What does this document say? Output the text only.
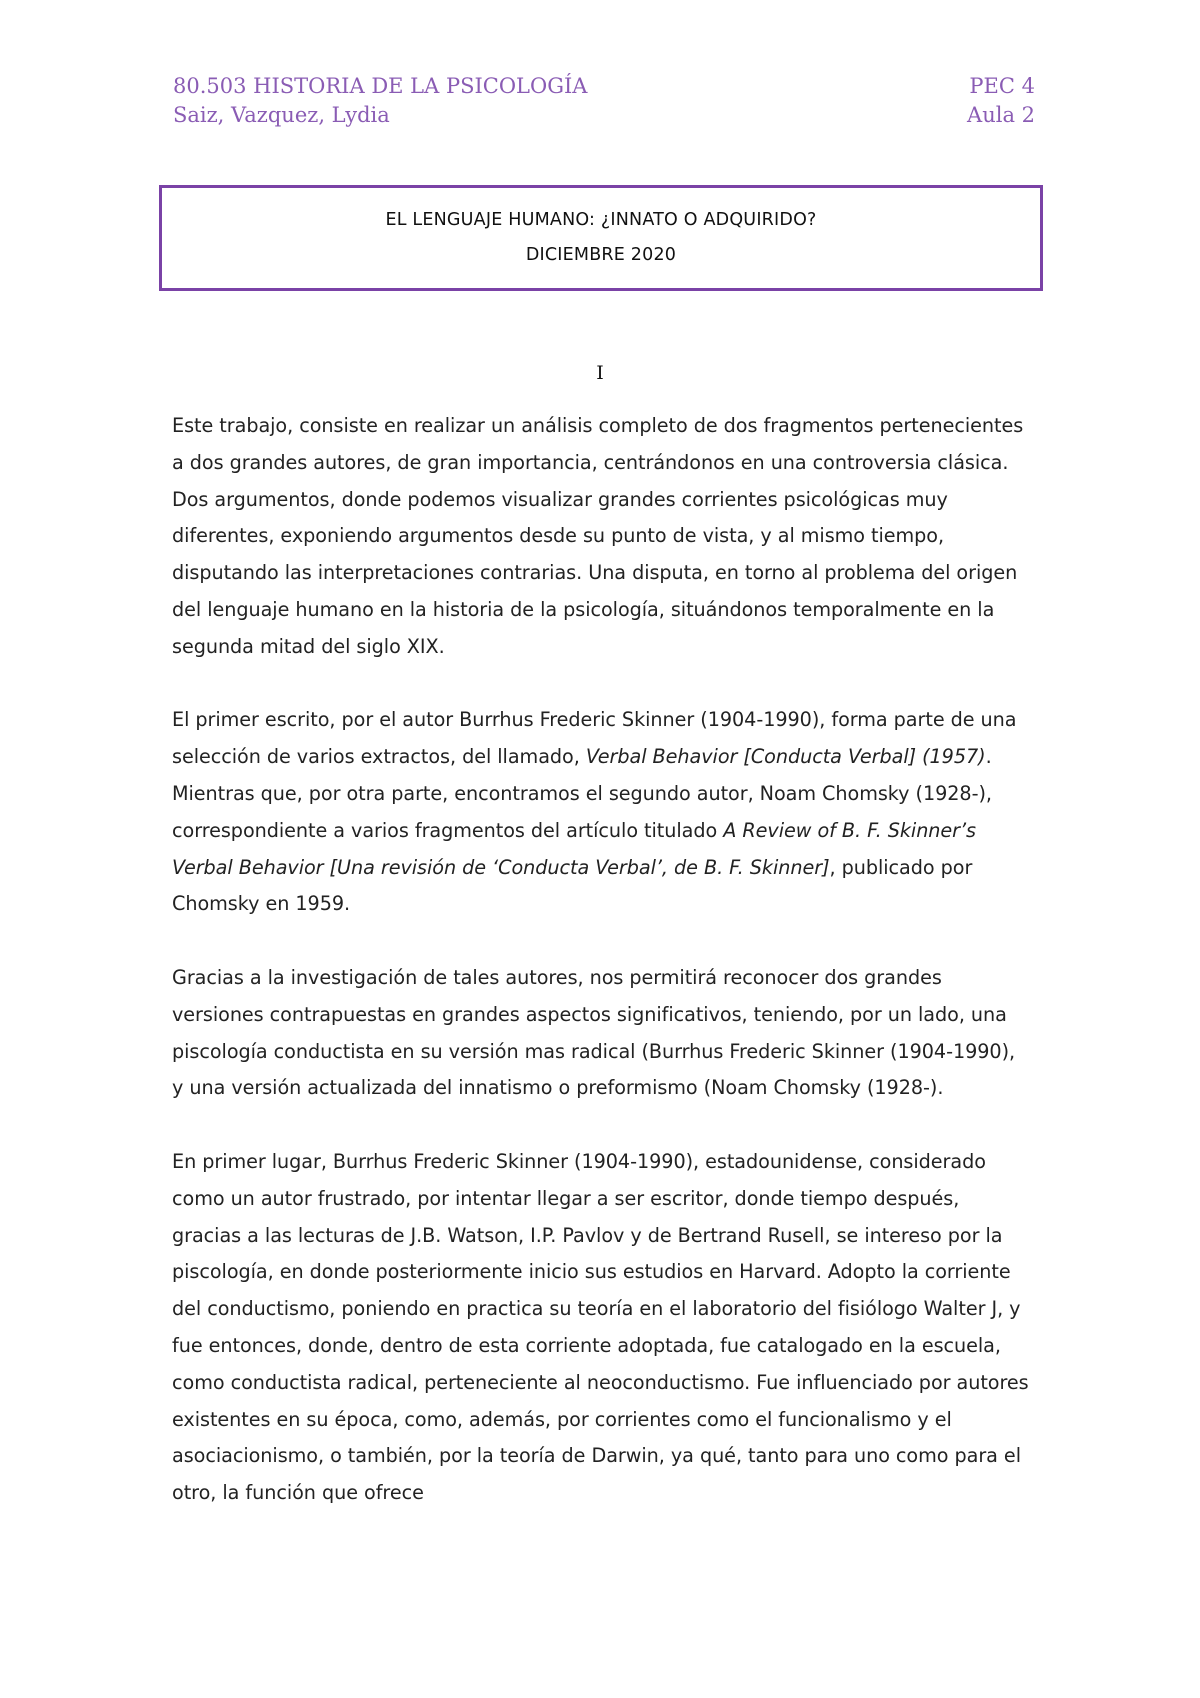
80.503 HISTORIA DE LA PSICOLOGÍA	PEC 4
Saiz, Vazquez, Lydia	Aula 2
EL LENGUAJE HUMANO: ¿INNATO O ADQUIRIDO?
DICIEMBRE 2020
I

Este trabajo, consiste en realizar un análisis completo de dos fragmentos pertenecientes a dos grandes autores, de gran importancia, centrándonos en una controversia clásica. Dos argumentos, donde podemos visualizar grandes corrientes psicológicas muy diferentes, exponiendo argumentos desde su punto de vista, y al mismo tiempo, disputando las interpretaciones contrarias. Una disputa, en torno al problema del origen del lenguaje humano en la historia de la psicología, situándonos temporalmente en la segunda mitad del siglo XIX.

El primer escrito, por el autor Burrhus Frederic Skinner (1904-1990), forma parte de una selección de varios extractos, del llamado, Verbal Behavior [Conducta Verbal] (1957). Mientras que, por otra parte, encontramos el segundo autor, Noam Chomsky (1928-), correspondiente a varios fragmentos del artículo titulado A Review of B. F. Skinner’s Verbal Behavior [Una revisión de ‘Conducta Verbal’, de B. F. Skinner], publicado por Chomsky en 1959.

Gracias a la investigación de tales autores, nos permitirá reconocer dos grandes versiones contrapuestas en grandes aspectos significativos, teniendo, por un lado, una piscología conductista en su versión mas radical (Burrhus Frederic Skinner (1904-1990), y una versión actualizada del innatismo o preformismo (Noam Chomsky (1928-).

En primer lugar, Burrhus Frederic Skinner (1904-1990), estadounidense, considerado como un autor frustrado, por intentar llegar a ser escritor, donde tiempo después, gracias a las lecturas de J.B. Watson, I.P. Pavlov y de Bertrand Rusell, se intereso por la piscología, en donde posteriormente inicio sus estudios en Harvard. Adopto la corriente del conductismo, poniendo en practica su teoría en el laboratorio del fisiólogo Walter J, y fue entonces, donde, dentro de esta corriente adoptada, fue catalogado en la escuela, como conductista radical, perteneciente al neoconductismo. Fue influenciado por autores existentes en su época, como, además, por corrientes como el funcionalismo y el asociacionismo, o también, por la teoría de Darwin, ya qué, tanto para uno como para el otro, la función que ofrece
